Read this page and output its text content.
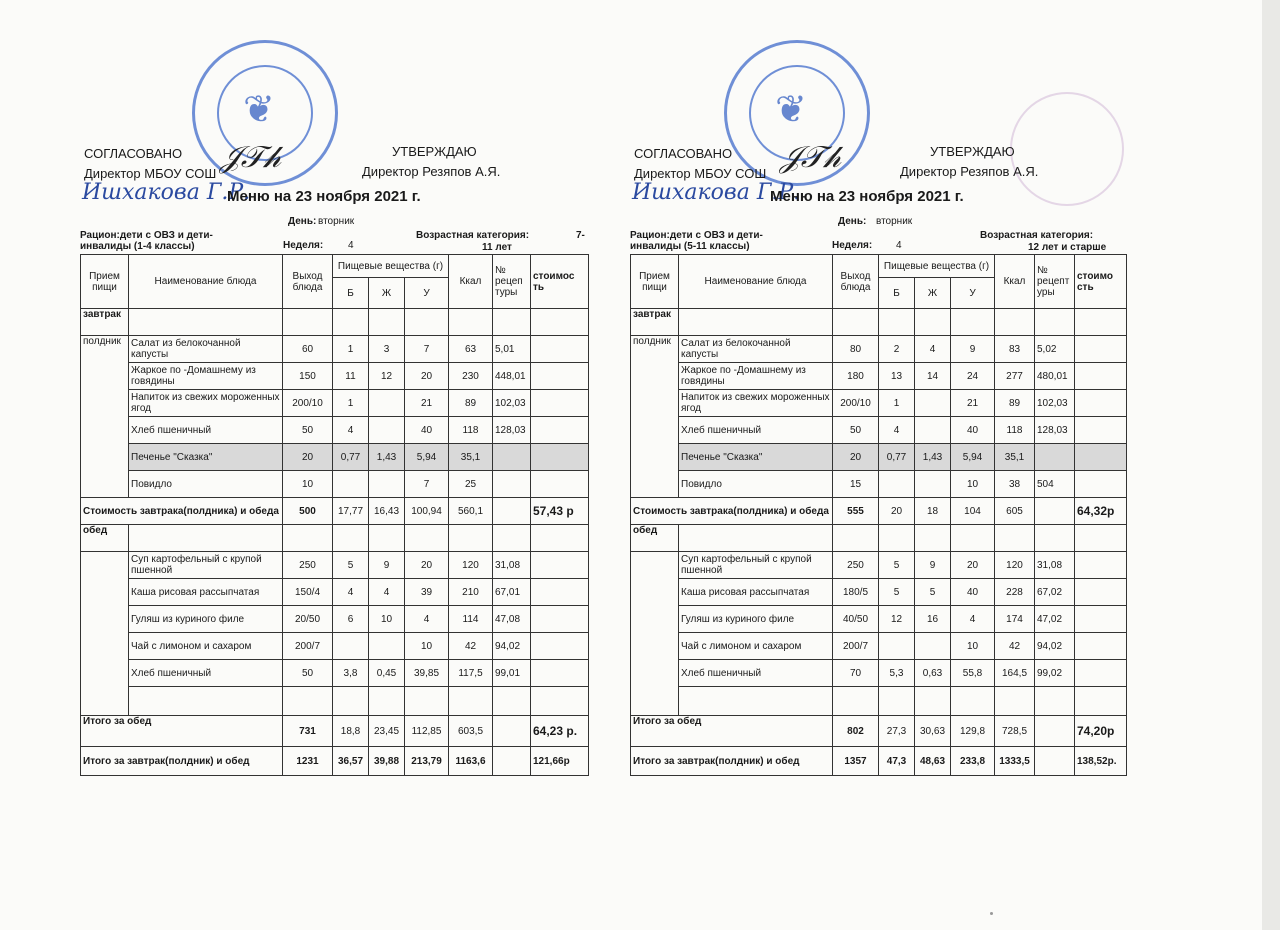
❦
СОГЛАСОВАНО	УТВЕРЖДАЮ
Директор МБОУ СОШ	Директор Резяпов А.Я.
𝒥𝒯𝒽
Ишхакова Г.Р.
Меню на 23 ноября 2021 г.
День: вторник
Рацион:дети с ОВЗ и дети-
инвалиды (1-4 классы)	Неделя: 4
Возрастная категория:	7-
11 лет
Прием пищи	Наименование блюда	Выход блюда	Пищевые вещества (г)			Ккал	№ рецеп туры	стоимос ть
			Б	Ж	У			
завтрак								
полдник	Салат из белокочанной капусты	60	1	3	7	63	5,01	
	Жаркое по -Домашнему из говядины	150	11	12	20	230	448,01	
	Напиток из свежих мороженных ягод	200/10	1		21	89	102,03	
	Хлеб пшеничный	50	4		40	118	128,03	
	Печенье "Сказка"	20	0,77	1,43	5,94	35,1		
	Повидло	10			7	25		
Стоимость завтрака(полдника) и обеда		500	17,77	16,43	100,94	560,1		57,43 р
обед								
	Суп картофельный с крупой пшенной	250	5	9	20	120	31,08	
	Каша рисовая рассыпчатая	150/4	4	4	39	210	67,01	
	Гуляш из куриного филе	20/50	6	10	4	114	47,08	
	Чай с лимоном и сахаром	200/7			10	42	94,02	
	Хлеб пшеничный	50	3,8	0,45	39,85	117,5	99,01	

Итого за обед		731	18,8	23,45	112,85	603,5		64,23 р.
Итого за завтрак(полдник) и обед		1231	36,57	39,88	213,79	1163,6		121,66р
❦
СОГЛАСОВАНО	УТВЕРЖДАЮ
Директор МБОУ СОШ	Директор Резяпов А.Я.
𝒥𝒯𝒽
Ишхакова Г.Р.
Меню на 23 ноября 2021 г.
День: вторник
Рацион:дети с ОВЗ и дети-
инвалиды (5-11 классы)	Неделя: 4
Возрастная категория:
12 лет и старше
Прием пищи	Наименование блюда	Выход блюда	Пищевые вещества (г)			Ккал	№ рецепт уры	стоимо сть
			Б	Ж	У			
завтрак								
полдник	Салат из белокочанной капусты	80	2	4	9	83	5,02	
	Жаркое по -Домашнему из говядины	180	13	14	24	277	480,01	
	Напиток из свежих мороженных ягод	200/10	1		21	89	102,03	
	Хлеб пшеничный	50	4		40	118	128,03	
	Печенье "Сказка"	20	0,77	1,43	5,94	35,1		
	Повидло	15			10	38	504	
Стоимость завтрака(полдника) и обеда		555	20	18	104	605		64,32р
обед								
	Суп картофельный с крупой пшенной	250	5	9	20	120	31,08	
	Каша рисовая рассыпчатая	180/5	5	5	40	228	67,02	
	Гуляш из куриного филе	40/50	12	16	4	174	47,02	
	Чай с лимоном и сахаром	200/7			10	42	94,02	
	Хлеб пшеничный	70	5,3	0,63	55,8	164,5	99,02	

Итого за обед		802	27,3	30,63	129,8	728,5		74,20р
Итого за завтрак(полдник) и обед		1357	47,3	48,63	233,8	1333,5		138,52р.
